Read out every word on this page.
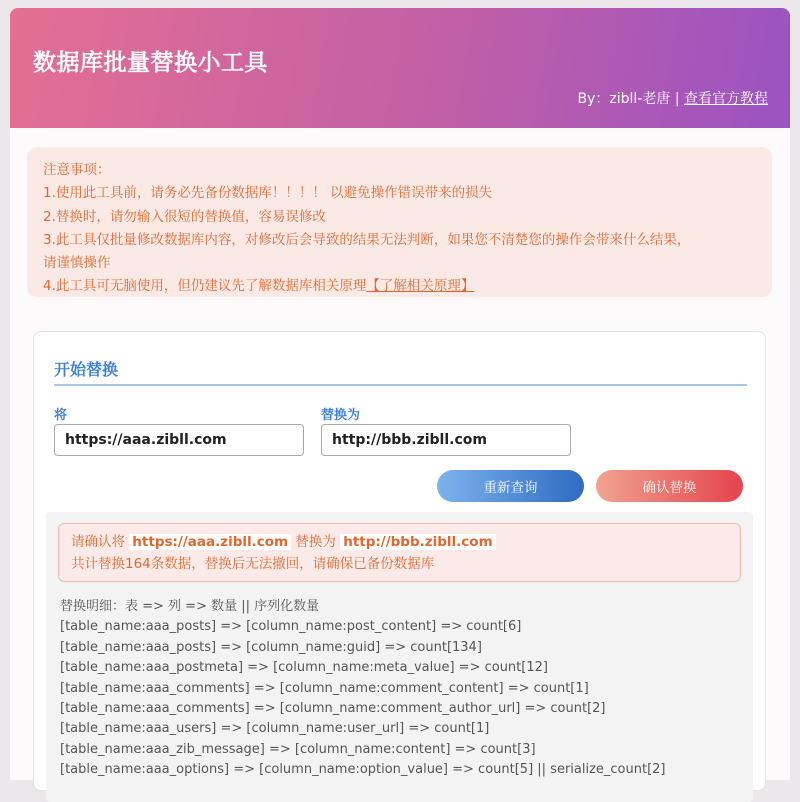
数据库批量替换小工具
By：zibll-老唐 | 查看官方教程
注意事项：
1.使用此工具前，请务必先备份数据库！！！！ 以避免操作错误带来的损失
2.替换时，请勿输入很短的替换值，容易误修改
3.此工具仅批量修改数据库内容，对修改后会导致的结果无法判断，如果您不清楚您的操作会带来什么结果，
请谨慎操作
4.此工具可无脑使用，但仍建议先了解数据库相关原理【了解相关原理】
开始替换
将
https://aaa.zibll.com	替换为
http://bbb.zibll.com
重新查询	确认替换
请确认将 https://aaa.zibll.com 替换为 http://bbb.zibll.com
共计替换164条数据，替换后无法撤回，请确保已备份数据库
替换明细：表 => 列 => 数量 || 序列化数量
[table_name:aaa_posts] => [column_name:post_content] => count[6]
[table_name:aaa_posts] => [column_name:guid] => count[134]
[table_name:aaa_postmeta] => [column_name:meta_value] => count[12]
[table_name:aaa_comments] => [column_name:comment_content] => count[1]
[table_name:aaa_comments] => [column_name:comment_author_url] => count[2]
[table_name:aaa_users] => [column_name:user_url] => count[1]
[table_name:aaa_zib_message] => [column_name:content] => count[3]
[table_name:aaa_options] => [column_name:option_value] => count[5] || serialize_count[2]
